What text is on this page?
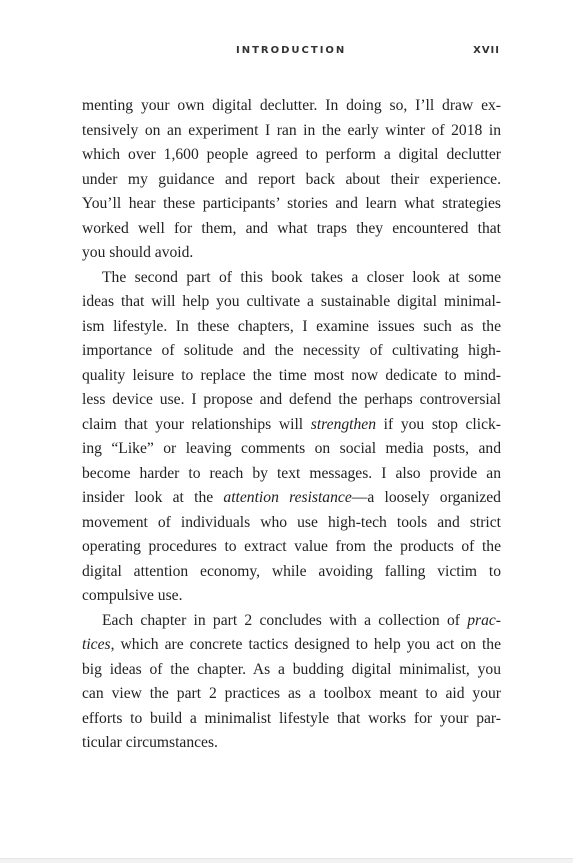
INTRODUCTION	XVII
menting your own digital declutter. In doing so, I’ll draw ex-
tensively on an experiment I ran in the early winter of 2018 in
which over 1,600 people agreed to perform a digital declutter
under my guidance and report back about their experience.
You’ll hear these participants’ stories and learn what strategies
worked well for them, and what traps they encountered that
you should avoid.
The second part of this book takes a closer look at some
ideas that will help you cultivate a sustainable digital minimal-
ism lifestyle. In these chapters, I examine issues such as the
importance of solitude and the necessity of cultivating high-
quality leisure to replace the time most now dedicate to mind-
less device use. I propose and defend the perhaps controversial
claim that your relationships will strengthen if you stop click-
ing “Like” or leaving comments on social media posts, and
become harder to reach by text messages. I also provide an
insider look at the attention resistance—a loosely organized
movement of individuals who use high-tech tools and strict
operating procedures to extract value from the products of the
digital attention economy, while avoiding falling victim to
compulsive use.
Each chapter in part 2 concludes with a collection of prac-
tices, which are concrete tactics designed to help you act on the
big ideas of the chapter. As a budding digital minimalist, you
can view the part 2 practices as a toolbox meant to aid your
efforts to build a minimalist lifestyle that works for your par-
ticular circumstances.
